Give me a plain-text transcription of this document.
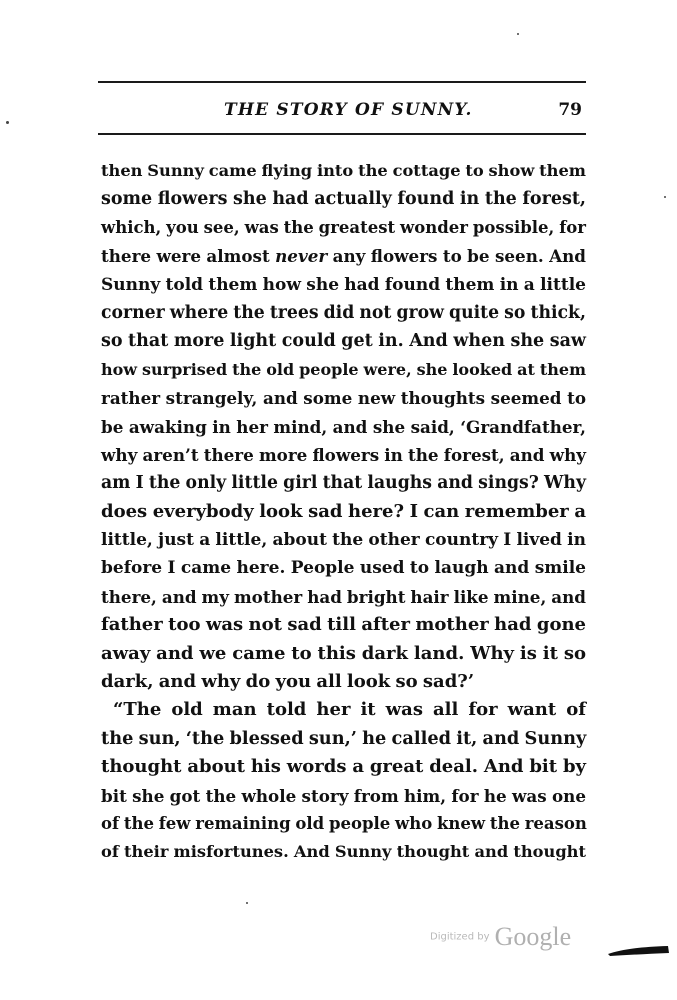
THE STORY OF SUNNY.	79
then Sunny came flying into the cottage to show them
some flowers she had actually found in the forest,
which, you see, was the greatest wonder possible, for
there were almost never any flowers to be seen. And
Sunny told them how she had found them in a little
corner where the trees did not grow quite so thick,
so that more light could get in. And when she saw
how surprised the old people were, she looked at them
rather strangely, and some new thoughts seemed to
be awaking in her mind, and she said, ‘Grandfather,
why aren’t there more flowers in the forest, and why
am I the only little girl that laughs and sings? Why
does everybody look sad here? I can remember a
little, just a little, about the other country I lived in
before I came here. People used to laugh and smile
there, and my mother had bright hair like mine, and
father too was not sad till after mother had gone
away and we came to this dark land. Why is it so
dark, and why do you all look so sad?’
“The old man told her it was all for want of
the sun, ‘the blessed sun,’ he called it, and Sunny
thought about his words a great deal. And bit by
bit she got the whole story from him, for he was one
of the few remaining old people who knew the reason
of their misfortunes. And Sunny thought and thought
Digitized by Google
